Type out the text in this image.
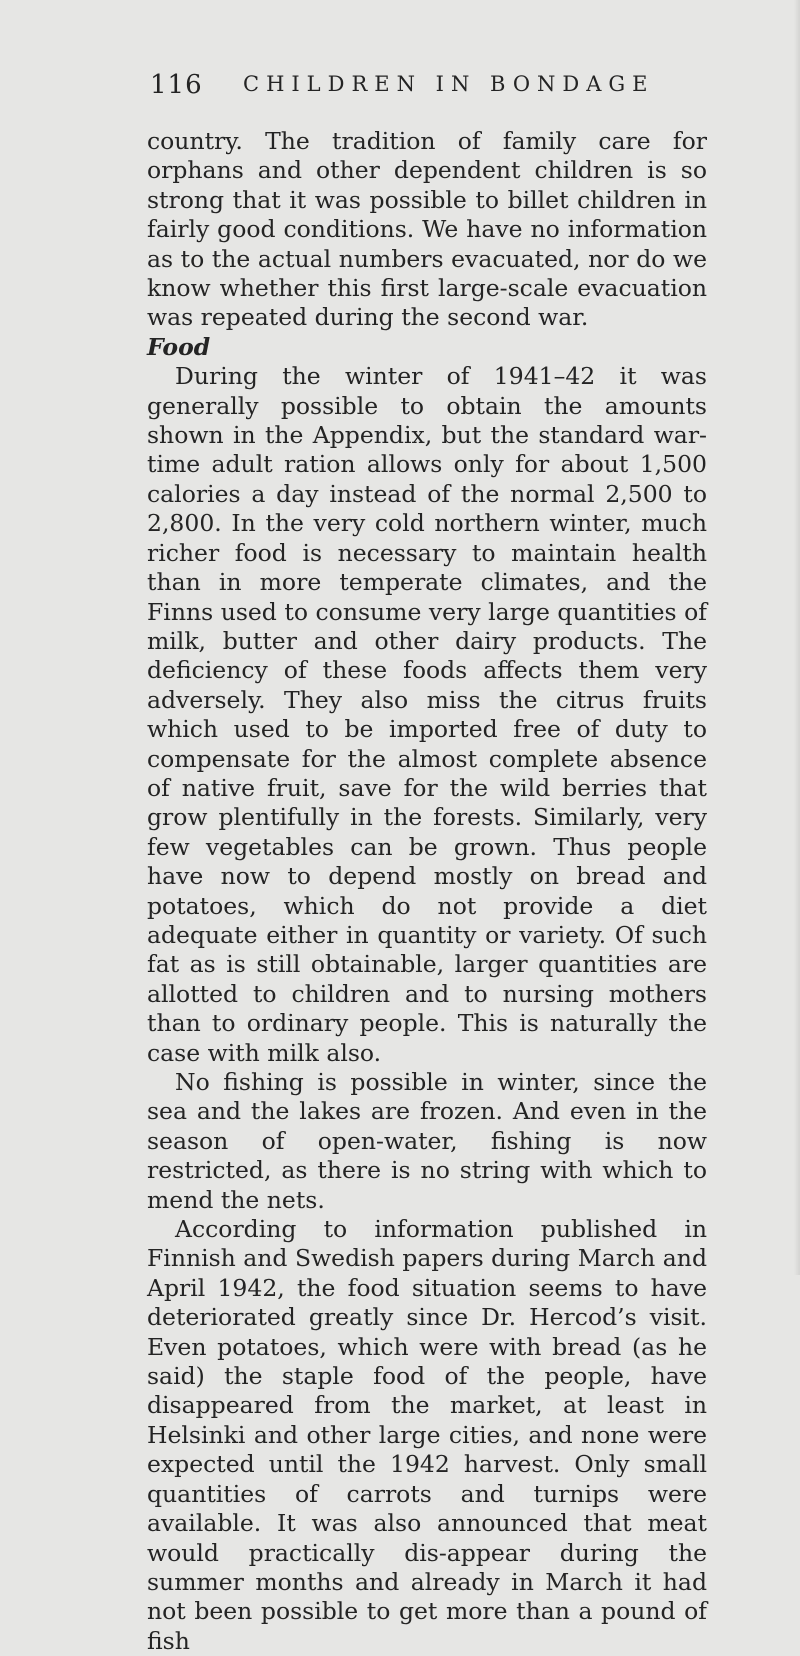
116 CHILDREN IN BONDAGE

country. The tradition of family care for orphans and other dependent children is so strong that it was possible to billet children in fairly good conditions. We have no information as to the actual numbers evacuated, nor do we know whether this first large-scale evacuation was repeated during the second war.

Food

During the winter of 1941–42 it was generally possible to obtain the amounts shown in the Appendix, but the standard war-time adult ration allows only for about 1,500 calories a day instead of the normal 2,500 to 2,800. In the very cold northern winter, much richer food is necessary to maintain health than in more temperate climates, and the Finns used to consume very large quantities of milk, butter and other dairy products. The deficiency of these foods affects them very adversely. They also miss the citrus fruits which used to be imported free of duty to compensate for the almost complete absence of native fruit, save for the wild berries that grow plentifully in the forests. Similarly, very few vegetables can be grown. Thus people have now to depend mostly on bread and potatoes, which do not provide a diet adequate either in quantity or variety. Of such fat as is still obtainable, larger quantities are allotted to children and to nursing mothers than to ordinary people. This is naturally the case with milk also.

No fishing is possible in winter, since the sea and the lakes are frozen. And even in the season of open-water, fishing is now restricted, as there is no string with which to mend the nets.

According to information published in Finnish and Swedish papers during March and April 1942, the food situation seems to have deteriorated greatly since Dr. Hercod’s visit. Even potatoes, which were with bread (as he said) the staple food of the people, have disappeared from the market, at least in Helsinki and other large cities, and none were expected until the 1942 harvest. Only small quantities of carrots and turnips were available. It was also announced that meat would practically dis-appear during the summer months and already in March it had not been possible to get more than a pound of fish
